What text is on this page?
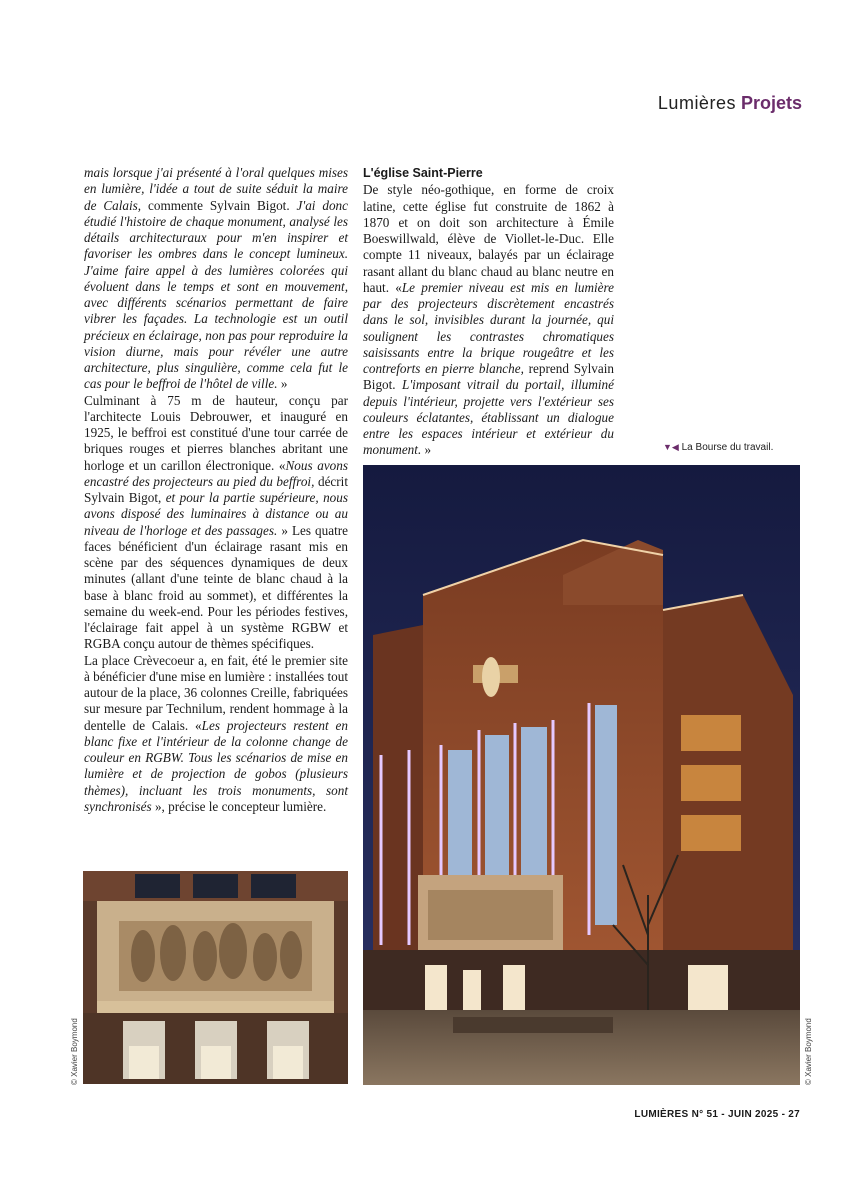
Lumières Projets

mais lorsque j'ai présenté à l'oral quelques mises en lumière, l'idée a tout de suite séduit la maire de Calais, commente Sylvain Bigot. J'ai donc étudié l'histoire de chaque monument, analysé les détails architecturaux pour m'en inspirer et favoriser les ombres dans le concept lumineux. J'aime faire appel à des lumières colorées qui évoluent dans le temps et sont en mouvement, avec différents scénarios permettant de faire vibrer les façades. La technologie est un outil précieux en éclairage, non pas pour reproduire la vision diurne, mais pour révéler une autre architecture, plus singulière, comme cela fut le cas pour le beffroi de l'hôtel de ville. »

Culminant à 75 m de hauteur, conçu par l'architecte Louis Debrouwer, et inauguré en 1925, le beffroi est constitué d'une tour carrée de briques rouges et pierres blanches abritant une horloge et un carillon électronique. «Nous avons encastré des projecteurs au pied du beffroi, décrit Sylvain Bigot, et pour la partie supérieure, nous avons disposé des luminaires à distance ou au niveau de l'horloge et des passages. » Les quatre faces bénéficient d'un éclairage rasant mis en scène par des séquences dynamiques de deux minutes (allant d'une teinte de blanc chaud à la base à blanc froid au sommet), et différentes la semaine du week-end. Pour les périodes festives, l'éclairage fait appel à un système RGBW et RGBA conçu autour de thèmes spécifiques.

La place Crèvecoeur a, en fait, été le premier site à bénéficier d'une mise en lumière : installées tout autour de la place, 36 colonnes Creille, fabriquées sur mesure par Technilum, rendent hommage à la dentelle de Calais. «Les projecteurs restent en blanc fixe et l'intérieur de la colonne change de couleur en RGBW. Tous les scénarios de mise en lumière et de projection de gobos (plusieurs thèmes), incluant les trois monuments, sont synchronisés », précise le concepteur lumière.

L'église Saint-Pierre

De style néo-gothique, en forme de croix latine, cette église fut construite de 1862 à 1870 et on doit son architecture à Émile Boeswillwald, élève de Viollet-le-Duc. Elle compte 11 niveaux, balayés par un éclairage rasant allant du blanc chaud au blanc neutre en haut. «Le premier niveau est mis en lumière par des projecteurs discrètement encastrés dans le sol, invisibles durant la journée, qui soulignent les contrastes chromatiques saisissants entre la brique rougeâtre et les contreforts en pierre blanche, reprend Sylvain Bigot. L'imposant vitrail du portail, illuminé depuis l'intérieur, projette vers l'extérieur ses couleurs éclatantes, établissant un dialogue entre les espaces intérieur et extérieur du monument. »	▼◀ La Bourse du travail.
© Xavier Boymond	© Xavier Boymond
LUMIÈRES N° 51 - JUIN 2025 - 27
